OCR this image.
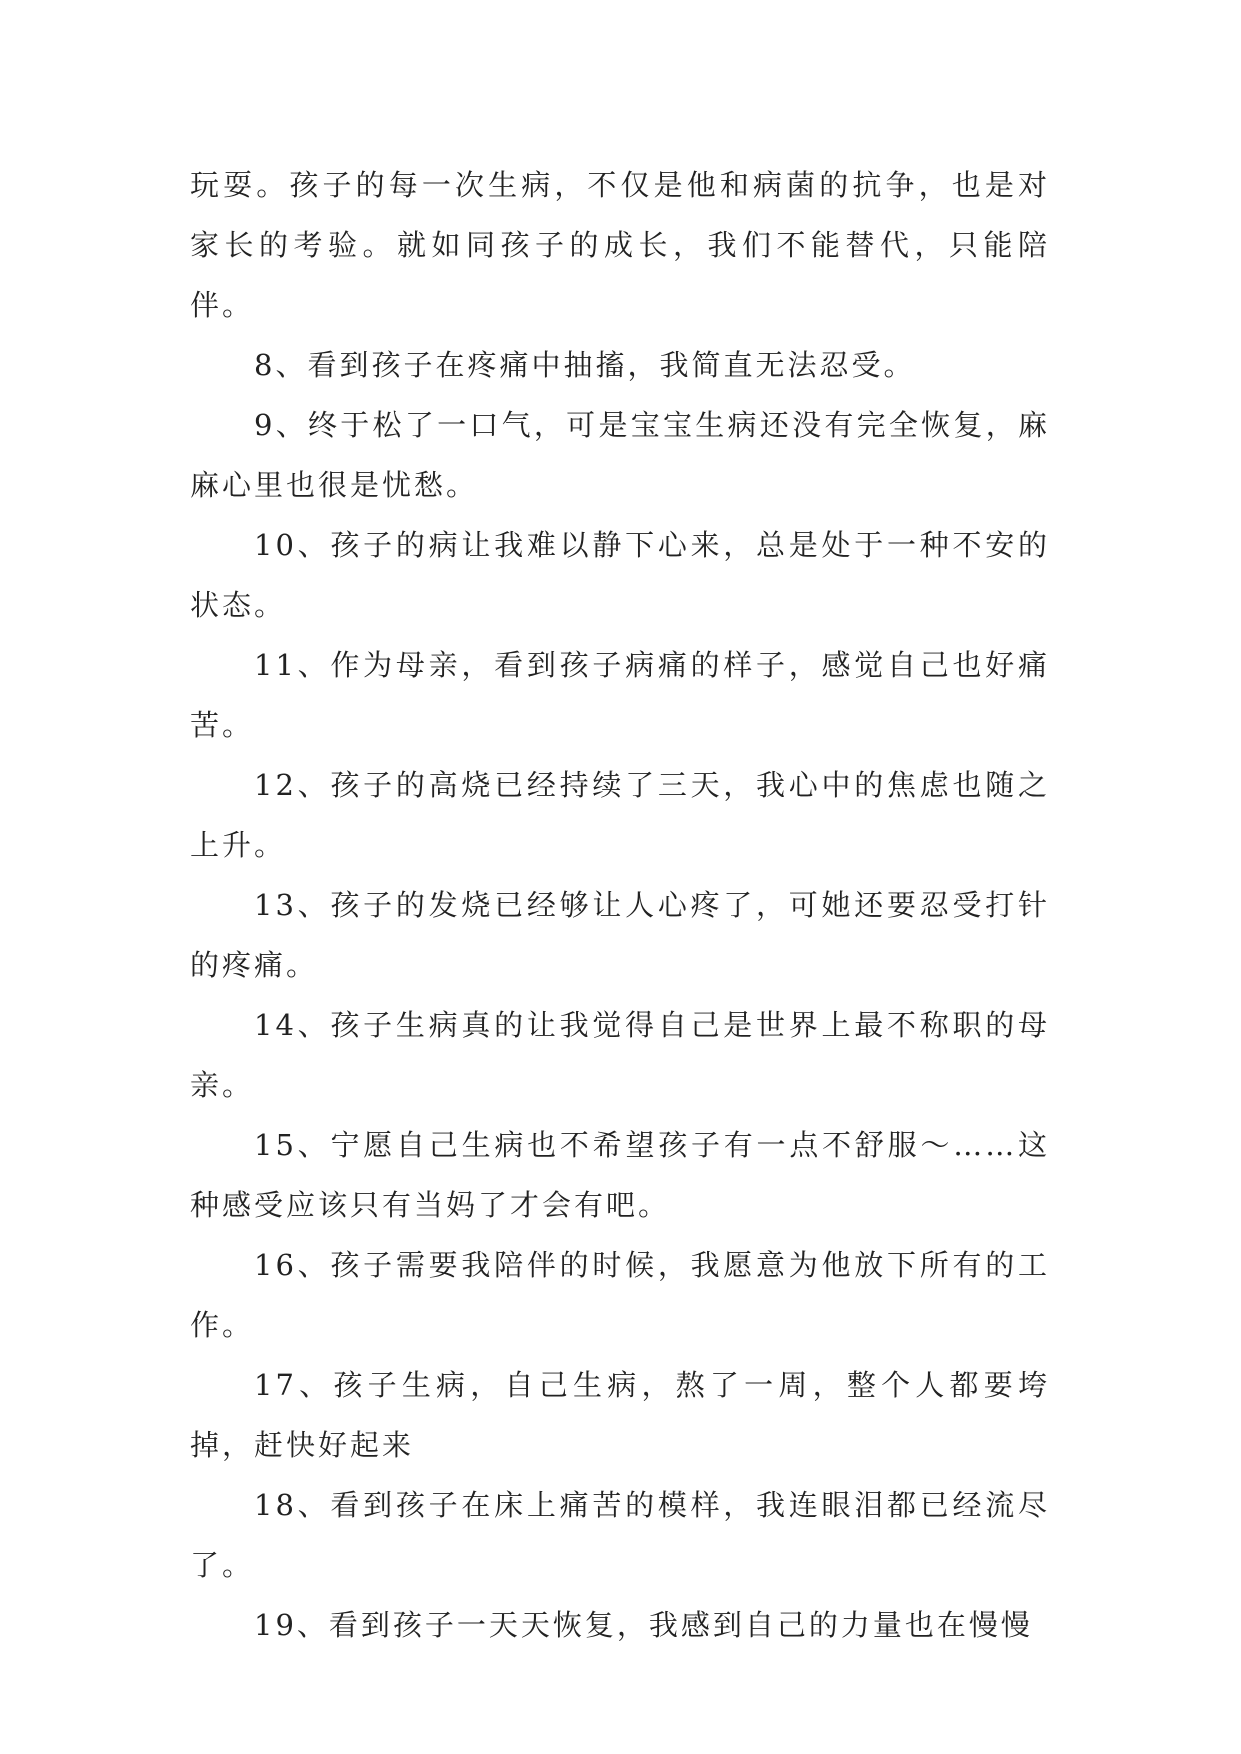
玩耍。孩子的每一次生病，不仅是他和病菌的抗争，也是对家长的考验。就如同孩子的成长，我们不能替代，只能陪伴。

8、看到孩子在疼痛中抽搐，我简直无法忍受。

9、终于松了一口气，可是宝宝生病还没有完全恢复，麻麻心里也很是忧愁。

10、孩子的病让我难以静下心来，总是处于一种不安的状态。

11、作为母亲，看到孩子病痛的样子，感觉自己也好痛苦。

12、孩子的高烧已经持续了三天，我心中的焦虑也随之上升。

13、孩子的发烧已经够让人心疼了，可她还要忍受打针的疼痛。

14、孩子生病真的让我觉得自己是世界上最不称职的母亲。

15、宁愿自己生病也不希望孩子有一点不舒服～……这种感受应该只有当妈了才会有吧。

16、孩子需要我陪伴的时候，我愿意为他放下所有的工作。

17、孩子生病，自己生病，熬了一周，整个人都要垮掉，赶快好起来

18、看到孩子在床上痛苦的模样，我连眼泪都已经流尽了。

19、看到孩子一天天恢复，我感到自己的力量也在慢慢
